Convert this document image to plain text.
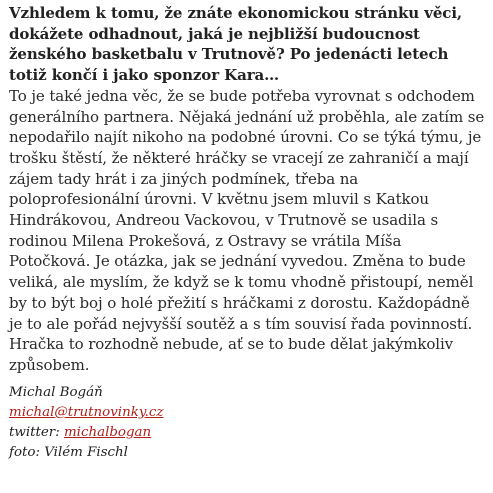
Vzhledem k tomu, že znáte ekonomickou stránku věci, dokážete odhadnout, jaká je nejbližší budoucnost ženského basketbalu v Trutnově? Po jedenácti letech totiž končí i jako sponzor Kara…

To je také jedna věc, že se bude potřeba vyrovnat s odchodem generálního partnera. Nějaká jednání už proběhla, ale zatím se nepodařilo najít nikoho na podobné úrovni. Co se týká týmu, je trošku štěstí, že některé hráčky se vracejí ze zahraničí a mají zájem tady hrát i za jiných podmínek, třeba na poloprofesionální úrovni. V květnu jsem mluvil s Katkou Hindrákovou, Andreou Vackovou, v Trutnově se usadila s rodinou Milena Prokešová, z Ostravy se vrátila Míša Potočková. Je otázka, jak se jednání vyvedou. Změna to bude veliká, ale myslím, že když se k tomu vhodně přistoupí, neměl by to být boj o holé přežití s hráčkami z dorostu. Každopádně je to ale pořád nejvyšší soutěž a s tím souvisí řada povinností. Hračka to rozhodně nebude, ať se to bude dělat jakýmkoliv způsobem.

Michal Bogáň
michal@trutnovinky.cz
twitter: michalbogan
foto: Vilém Fischl
